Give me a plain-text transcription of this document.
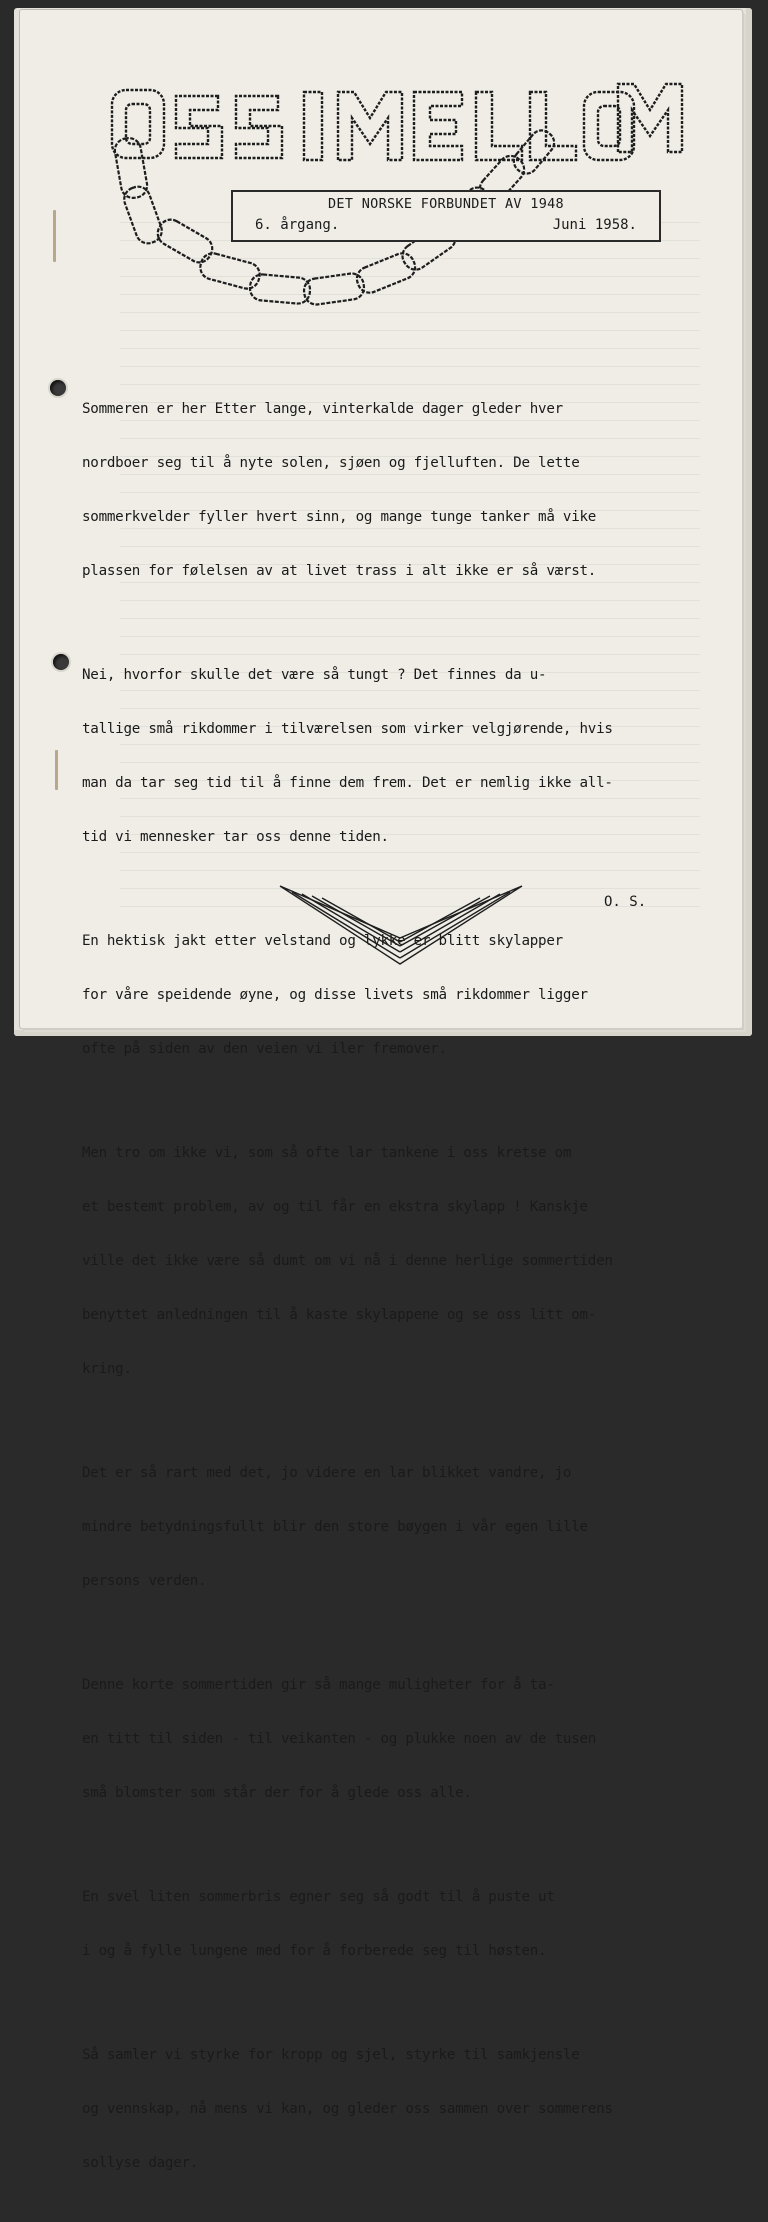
DET NORSKE FORBUNDET AV 1948
6. årgang.	Juni 1958.

Sommeren er her Etter lange, vinterkalde dager gleder hver

nordboer seg til å nyte solen, sjøen og fjelluften. De lette

sommerkvelder fyller hvert sinn, og mange tunge tanker må vike

plassen for følelsen av at livet trass i alt ikke er så værst.

Nei, hvorfor skulle det være så tungt ? Det finnes da u-

tallige små rikdommer i tilværelsen som virker velgjørende, hvis

man da tar seg tid til å finne dem frem. Det er nemlig ikke all-

tid vi mennesker tar oss denne tiden.

En hektisk jakt etter velstand og lykke er blitt skylapper

for våre speidende øyne, og disse livets små rikdommer ligger

ofte på siden av den veien vi iler fremover.

Men tro om ikke vi, som så ofte lar tankene i oss kretse om

et bestemt problem, av og til får en ekstra skylapp ! Kanskje

ville det ikke være så dumt om vi nå i denne herlige sommertiden

benyttet anledningen til å kaste skylappene og se oss litt om-

kring.

Det er så rart med det, jo videre en lar blikket vandre, jo

mindre betydningsfullt blir den store bøygen i vår egen lille

persons verden.

Denne korte sommertiden gir så mange muligheter for å ta-

en titt til siden - til veikanten - og plukke noen av de tusen

små blomster som står der for å glede oss alle.

En svel liten sommerbris egner seg så godt til å puste ut

i og å fylle lungene med for å forberede seg til høsten.

Så samler vi styrke for kropp og sjel, styrke til samkjensle

og vennskap, nå mens vi kan, og gleder oss sammen over sommerens

sollyse dager.

O. S.
